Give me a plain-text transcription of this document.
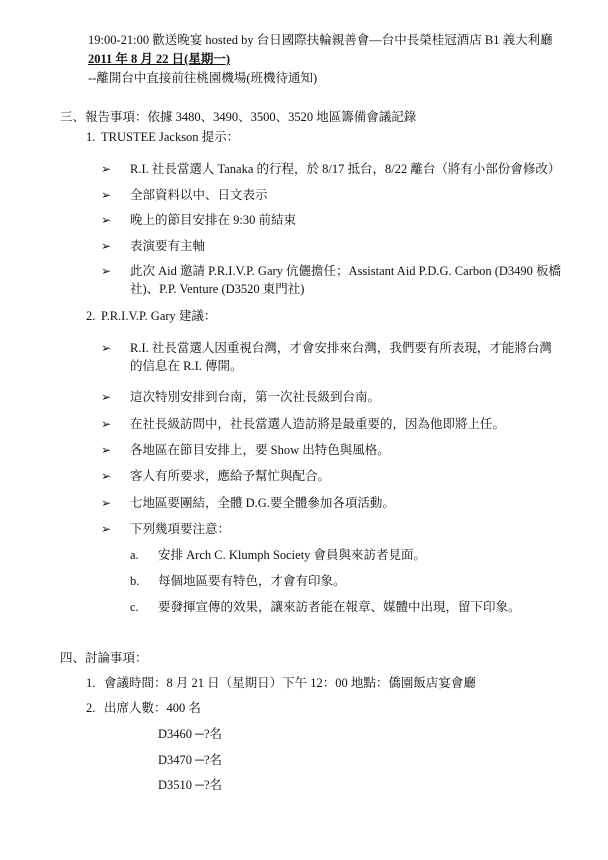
19:00-21:00 歡送晚宴 hosted by 台日國際扶輪親善會—台中長榮桂冠酒店 B1 義大利廳
2011 年 8 月 22 日(星期一)
--離開台中直接前往桃園機場(班機待通知)
三、報告事項：依據 3480、3490、3500、3520 地區籌備會議記錄
1. TRUSTEE Jackson 提示：
➢ R.I. 社長當選人 Tanaka 的行程，於 8/17 抵台，8/22 離台（將有小部份會修改）
➢ 全部資料以中、日文表示
➢ 晚上的節目安排在 9:30 前結束
➢ 表演要有主軸
➢ 此次 Aid 邀請 P.R.I.V.P. Gary 伉儷擔任；Assistant Aid P.D.G. Carbon (D3490 板橋
社)、P.P. Venture (D3520 東門社)
2. P.R.I.V.P. Gary 建議：
➢ R.I. 社長當選人因重視台灣，才會安排來台灣，我們要有所表現，才能將台灣
的信息在 R.I. 傳開。
➢ 這次特別安排到台南，第一次社長級到台南。
➢ 在社長級訪問中，社長當選人造訪將是最重要的，因為他即將上任。
➢ 各地區在節目安排上，要 Show 出特色與風格。
➢ 客人有所要求，應給予幫忙與配合。
➢ 七地區要團結，全體 D.G.要全體參加各項活動。
➢ 下列幾項要注意：
a. 安排 Arch C. Klumph Society 會員與來訪者見面。
b. 每個地區要有特色，才會有印象。
c. 要發揮宣傳的效果，讓來訪者能在報章、媒體中出現，留下印象。
四、討論事項：
1. 會議時間：8 月 21 日（星期日）下午 12：00 地點：僑園飯店宴會廳
2. 出席人數：400 名
D3460 ─?名
D3470 ─?名
D3510 ─?名
